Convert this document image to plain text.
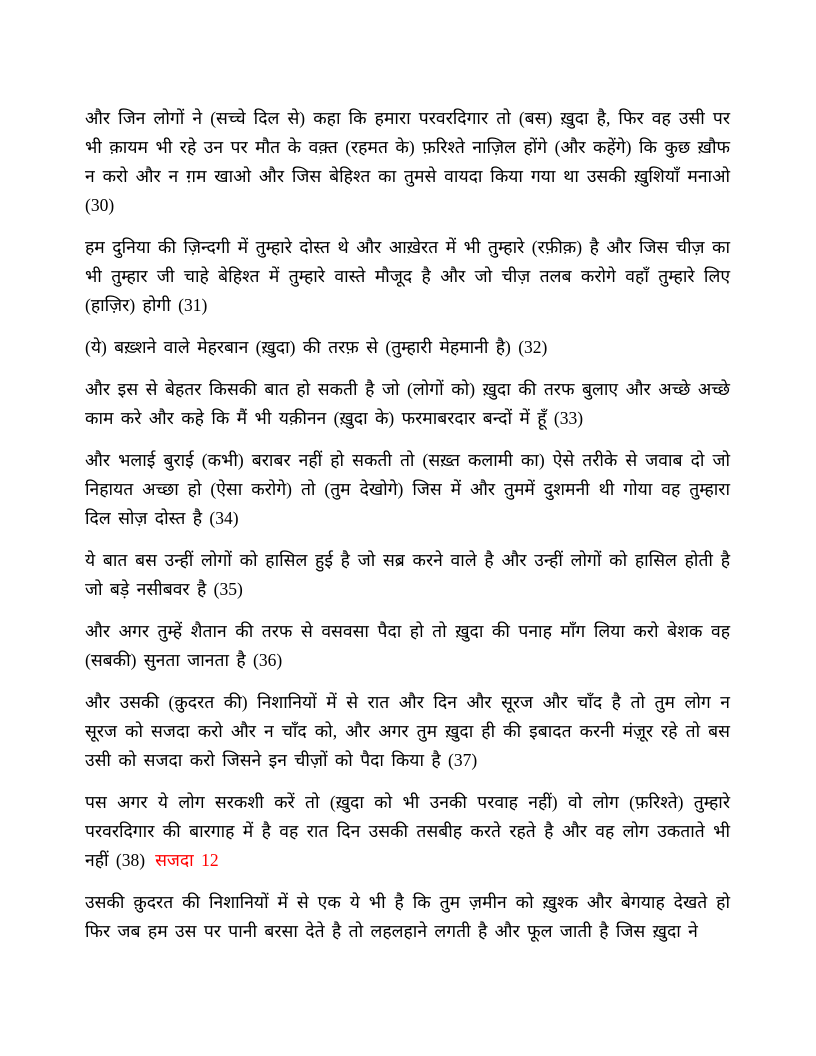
और जिन लोगों ने (सच्चे दिल से) कहा कि हमारा परवरदिगार तो (बस) ख़ुदा है, फिर वह उसी पर भी क़ायम भी रहे उन पर मौत के वक़्त (रहमत के) फ़रिश्ते नाज़िल होंगे (और कहेंगे) कि कुछ ख़ौफ न करो और न ग़म खाओ और जिस बेहिश्त का तुमसे वायदा किया गया था उसकी ख़ुशियाँ मनाओ (30)

हम दुनिया की ज़िन्दगी में तुम्हारे दोस्त थे और आख़ेरत में भी तुम्हारे (रफ़ीक़) है और जिस चीज़ का भी तुम्हार जी चाहे बेहिश्त में तुम्हारे वास्ते मौजूद है और जो चीज़ तलब करोगे वहाँ तुम्हारे लिए (हाज़िर) होगी (31)

(ये) बख़्शने वाले मेहरबान (ख़ुदा) की तरफ़ से (तुम्हारी मेहमानी है) (32)

और इस से बेहतर किसकी बात हो सकती है जो (लोगों को) ख़ुदा की तरफ बुलाए और अच्छे अच्छे काम करे और कहे कि मैं भी यक़ीनन (ख़ुदा के) फरमाबरदार बन्दों में हूँ (33)

और भलाई बुराई (कभी) बराबर नहीं हो सकती तो (सख़्त कलामी का) ऐसे तरीके से जवाब दो जो निहायत अच्छा हो (ऐसा करोगे) तो (तुम देखोगे) जिस में और तुममें दुशमनी थी गोया वह तुम्हारा दिल सोज़ दोस्त है (34)

ये बात बस उन्हीं लोगों को हासिल हुई है जो सब्र करने वाले है और उन्हीं लोगों को हासिल होती है जो बड़े नसीबवर है (35)

और अगर तुम्हें शैतान की तरफ से वसवसा पैदा हो तो ख़ुदा की पनाह माँग लिया करो बेशक वह (सबकी) सुनता जानता है (36)

और उसकी (क़ुदरत की) निशानियों में से रात और दिन और सूरज और चाँद है तो तुम लोग न सूरज को सजदा करो और न चाँद को, और अगर तुम ख़ुदा ही की इबादत करनी मंज़ूर रहे तो बस उसी को सजदा करो जिसने इन चीज़ों को पैदा किया है (37)

पस अगर ये लोग सरकशी करें तो (ख़ुदा को भी उनकी परवाह नहीं) वो लोग (फ़रिश्ते) तुम्हारे परवरदिगार की बारगाह में है वह रात दिन उसकी तसबीह करते रहते है और वह लोग उकताते भी नहीं (38) सजदा 12

उसकी क़ुदरत की निशानियों में से एक ये भी है कि तुम ज़मीन को ख़ुश्क और बेगयाह देखते हो फिर जब हम उस पर पानी बरसा देते है तो लहलहाने लगती है और फूल जाती है जिस ख़ुदा ने
